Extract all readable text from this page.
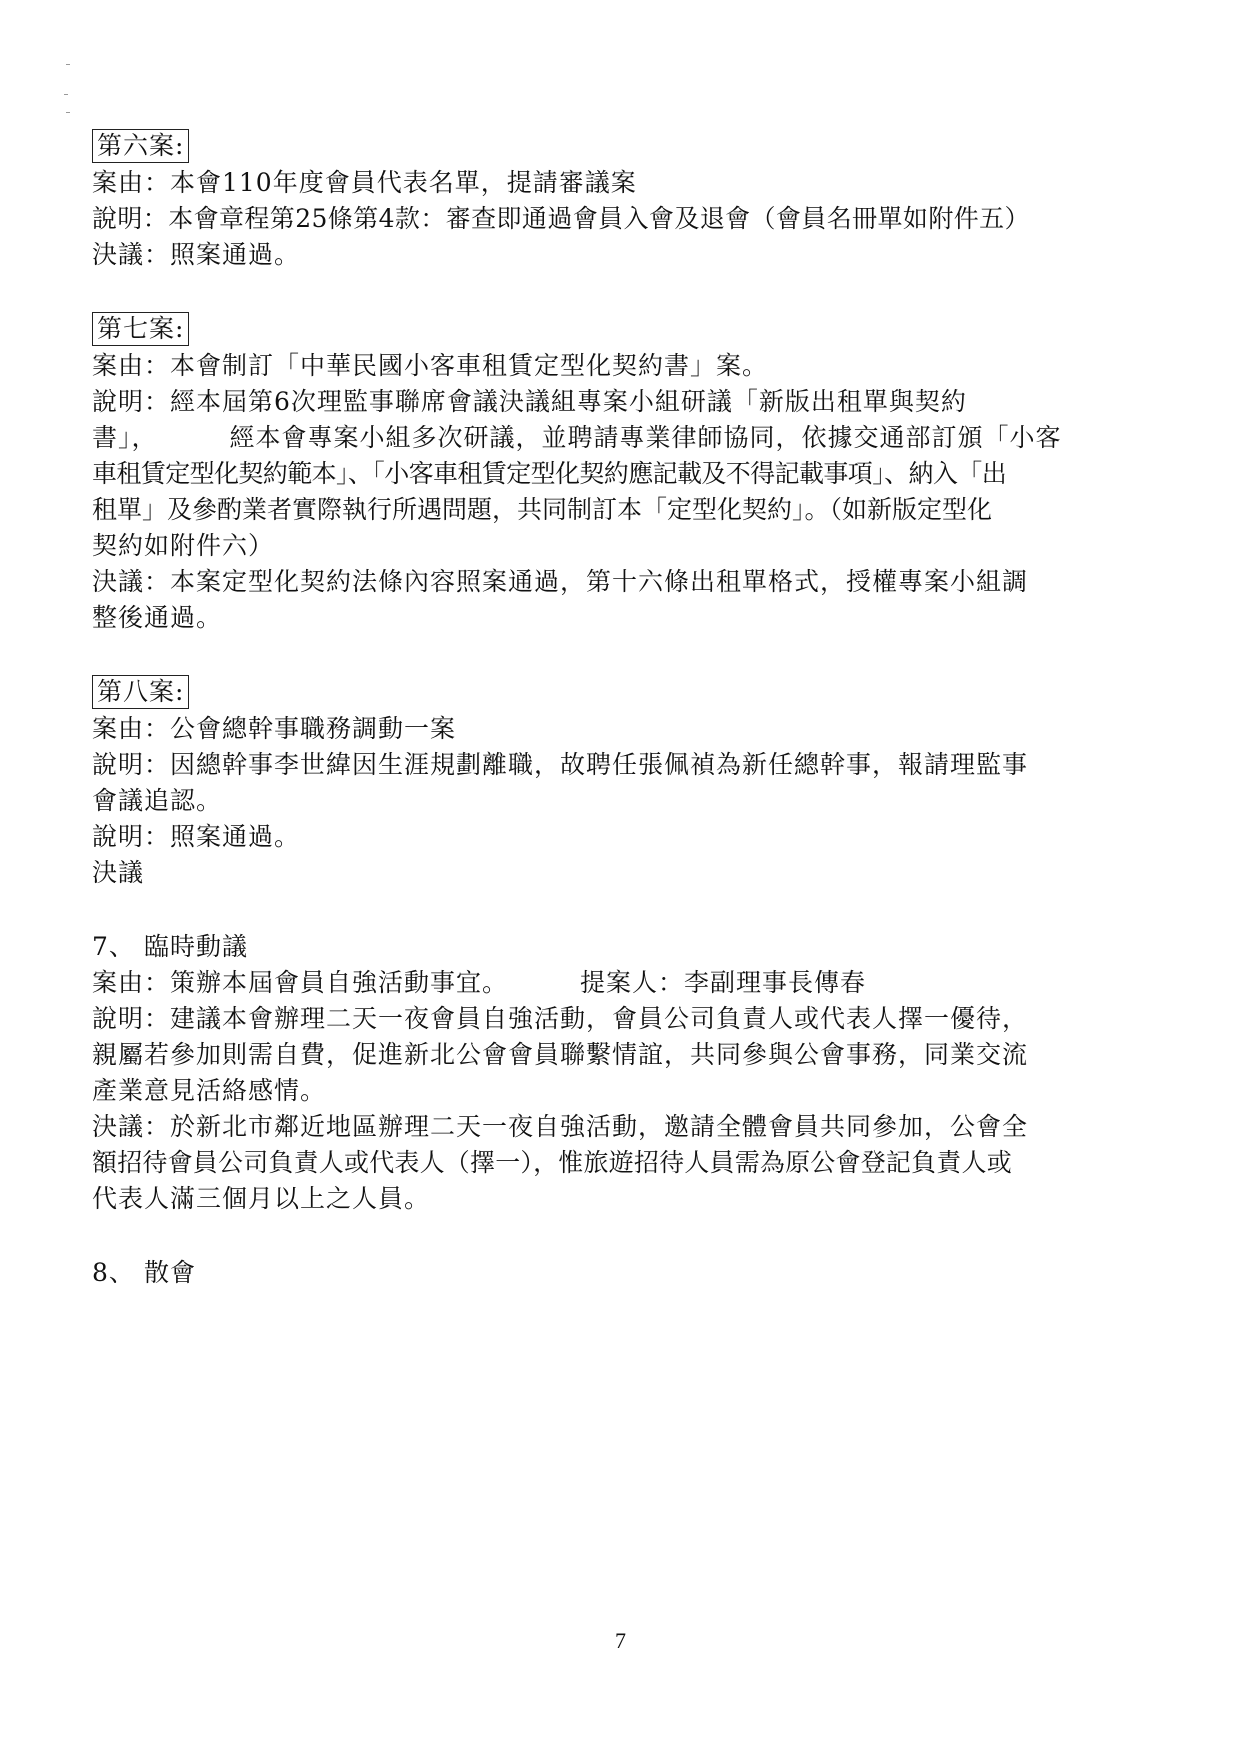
第六案:
案由：本會110年度會員代表名單，提請審議案
說明：本會章程第25條第4款：審查即通過會員入會及退會（會員名冊單如附件五）
決議：照案通過。
第七案:
案由：本會制訂「中華民國小客車租賃定型化契約書」案。
說明：經本屆第6次理監事聯席會議決議組專案小組研議「新版出租單與契約
書」，	經本會專案小組多次研議，並聘請專業律師協同，依據交通部訂頒「小客
車租賃定型化契約範本」、「小客車租賃定型化契約應記載及不得記載事項」、納入「出
租單」及參酌業者實際執行所遇問題，共同制訂本「定型化契約」。（如新版定型化
契約如附件六）
決議：本案定型化契約法條內容照案通過，第十六條出租單格式，授權專案小組調
整後通過。
第八案:
案由：公會總幹事職務調動一案
說明：因總幹事李世緯因生涯規劃離職，故聘任張佩禎為新任總幹事，報請理監事
會議追認。
說明：照案通過。
決議
7、 臨時動議
案由：策辦本屆會員自強活動事宜。	提案人：李副理事長傳春
說明：建議本會辦理二天一夜會員自強活動，會員公司負責人或代表人擇一優待，
親屬若參加則需自費，促進新北公會會員聯繫情誼，共同參與公會事務，同業交流
產業意見活絡感情。
決議：於新北市鄰近地區辦理二天一夜自強活動，邀請全體會員共同參加，公會全
額招待會員公司負責人或代表人（擇一），惟旅遊招待人員需為原公會登記負責人或
代表人滿三個月以上之人員。
8、 散會
7
